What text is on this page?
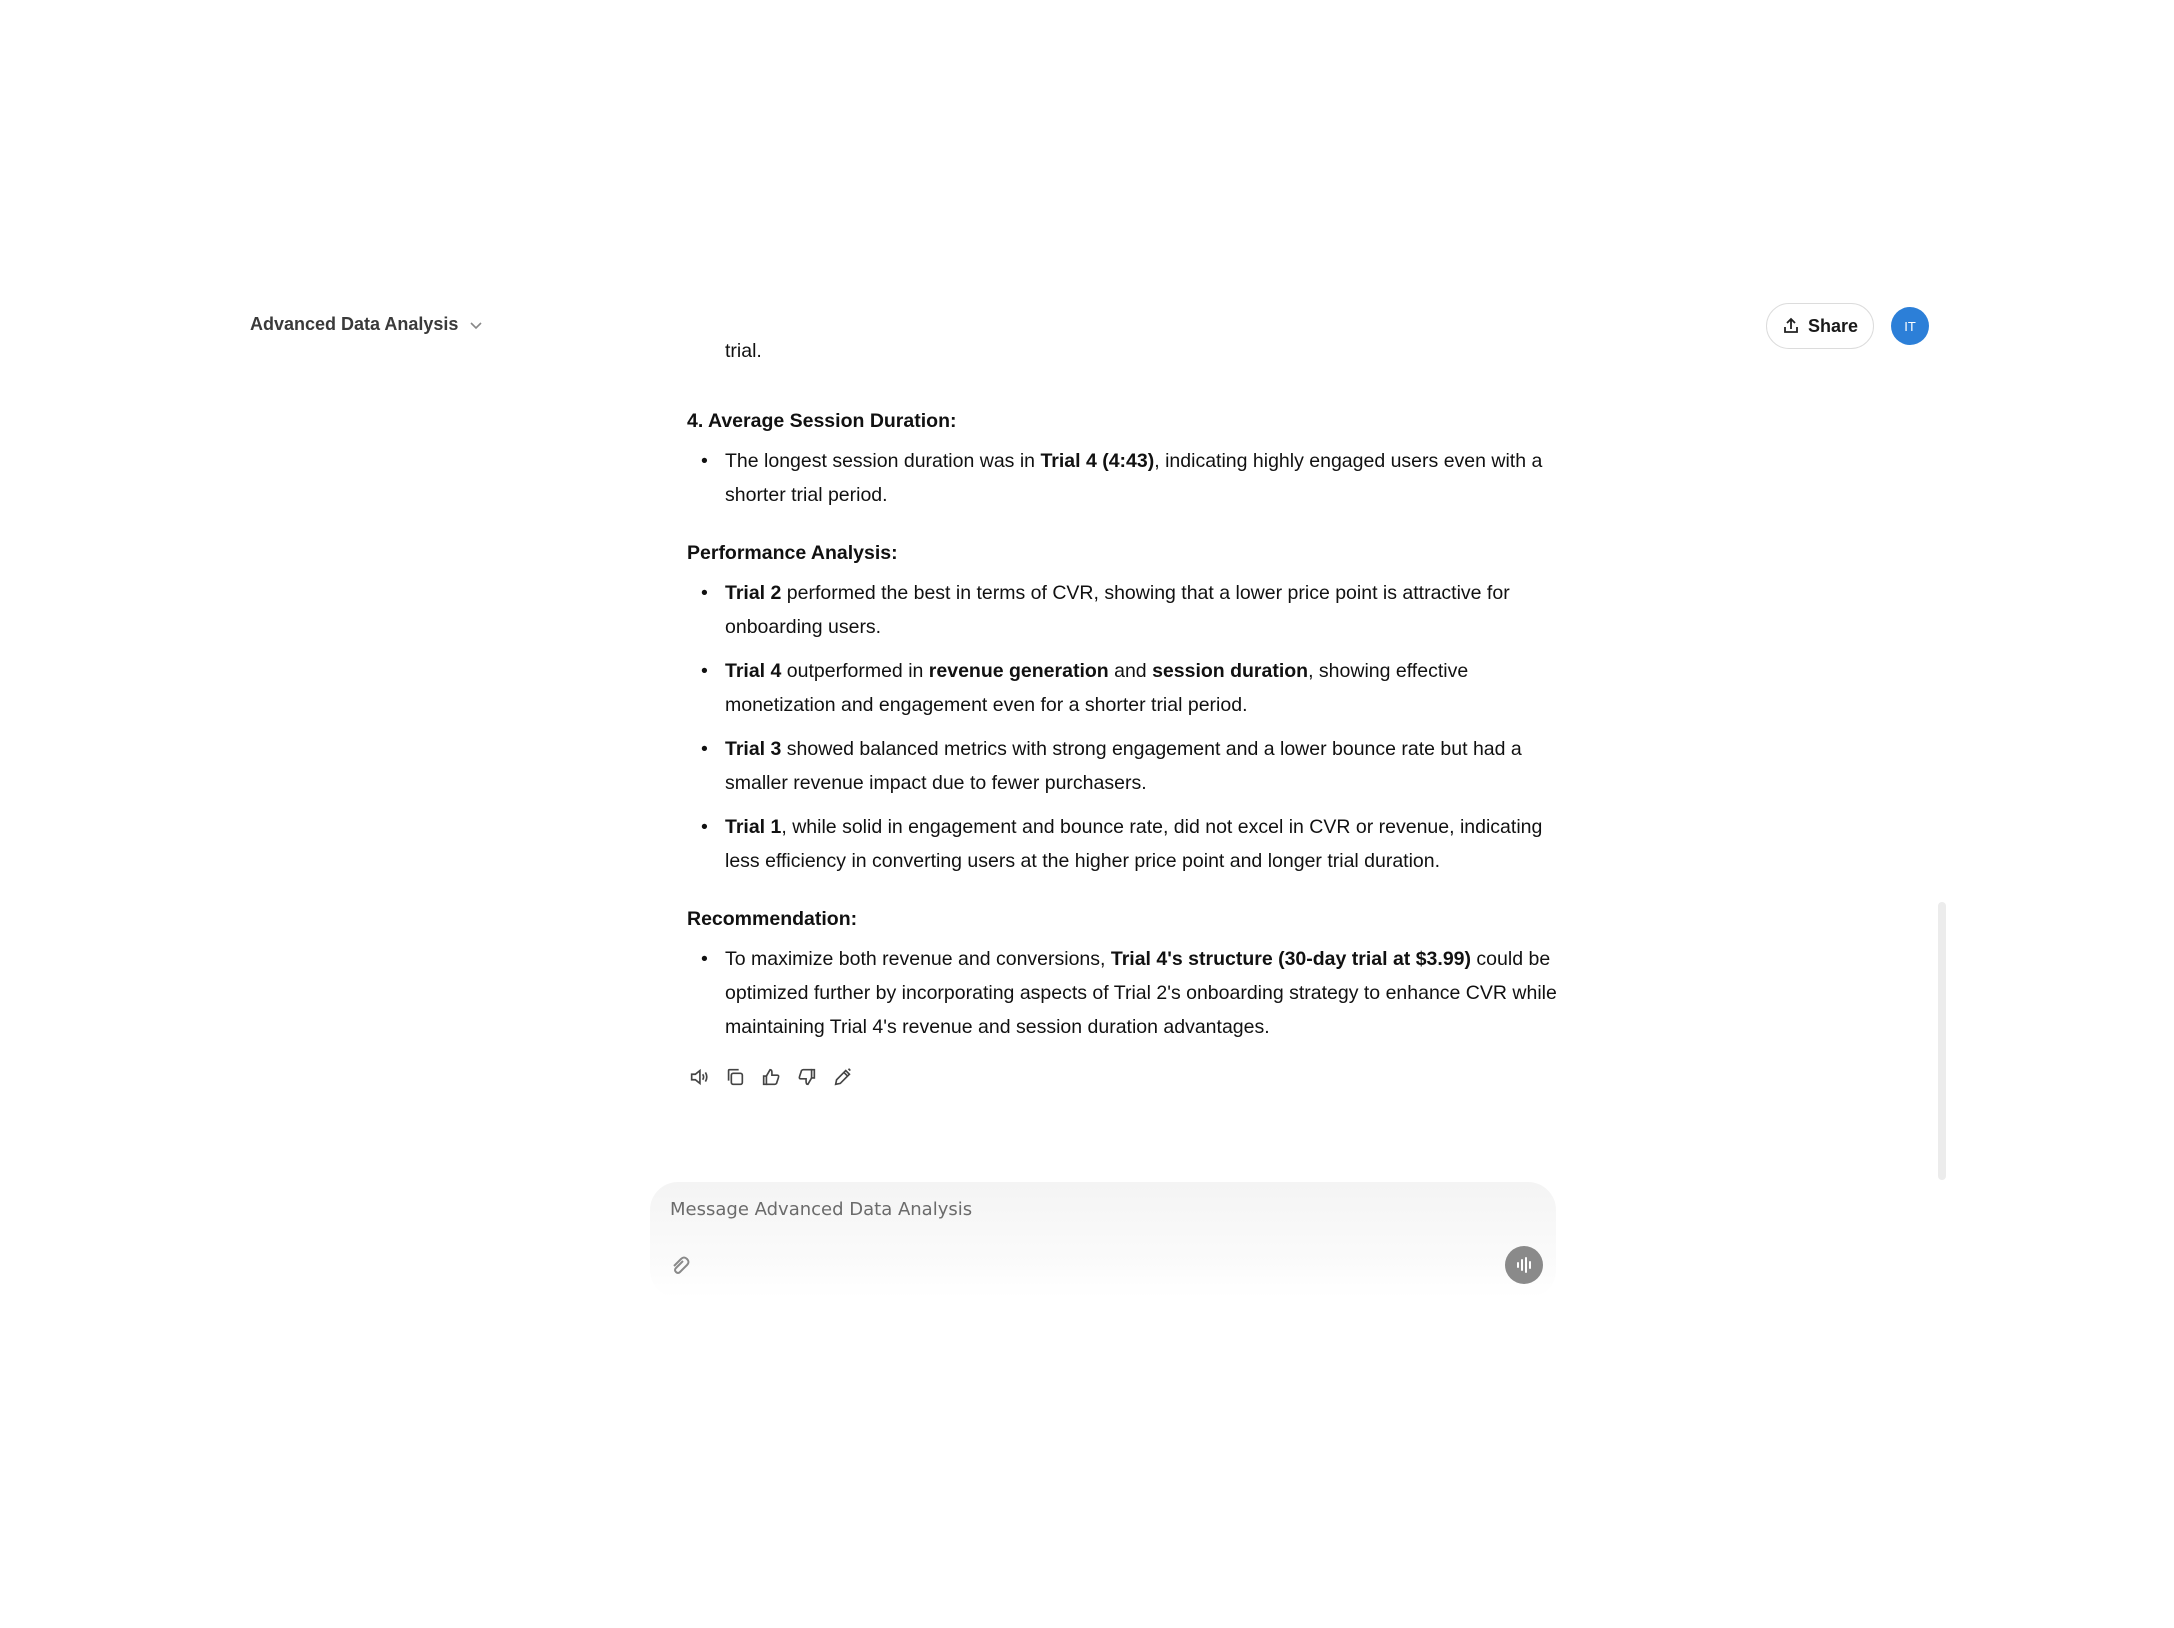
Advanced Data Analysis	Share	IT
trial.
4. Average Session Duration:
• The longest session duration was in Trial 4 (4:43), indicating highly engaged users even with a shorter trial period.
Performance Analysis:
• Trial 2 performed the best in terms of CVR, showing that a lower price point is attractive for onboarding users.
• Trial 4 outperformed in revenue generation and session duration, showing effective monetization and engagement even for a shorter trial period.
• Trial 3 showed balanced metrics with strong engagement and a lower bounce rate but had a smaller revenue impact due to fewer purchasers.
• Trial 1, while solid in engagement and bounce rate, did not excel in CVR or revenue, indicating less efficiency in converting users at the higher price point and longer trial duration.
Recommendation:
• To maximize both revenue and conversions, Trial 4's structure (30-day trial at $3.99) could be optimized further by incorporating aspects of Trial 2's onboarding strategy to enhance CVR while maintaining Trial 4's revenue and session duration advantages.
Message Advanced Data Analysis
